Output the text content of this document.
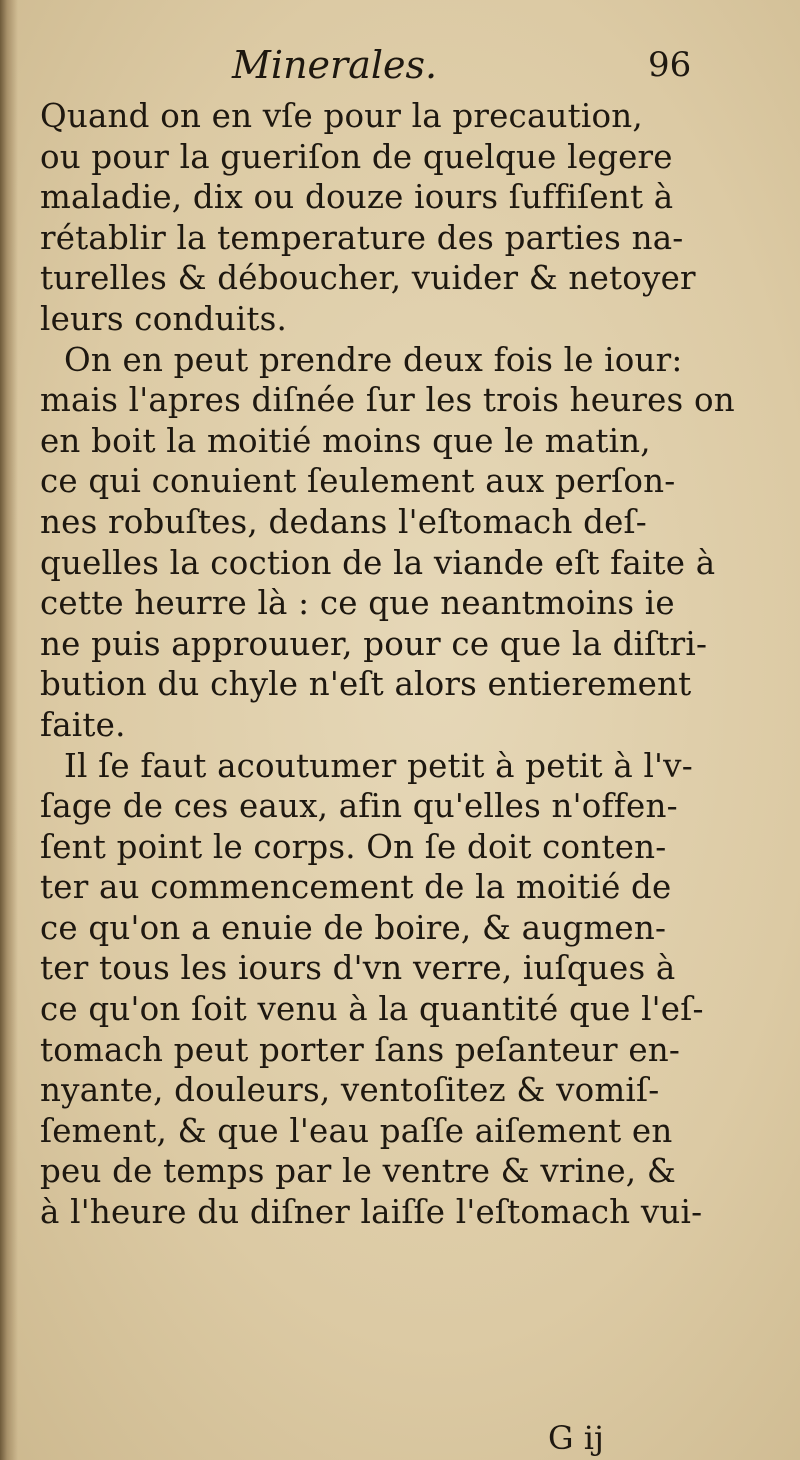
Minerales.	96
Quand on en vſe pour la precaution,
ou pour la gueriſon de quelque legere
maladie, dix ou douze iours ſuffiſent à
rétablir la temperature des parties na-
turelles & déboucher, vuider & netoyer
leurs conduits.
On en peut prendre deux fois le iour:
mais l'apres diſnée ſur les trois heures on
en boit la moitié moins que le matin,
ce qui conuient ſeulement aux perſon-
nes robuſtes, dedans l'eſtomach deſ-
quelles la coction de la viande eſt faite à
cette heurre là : ce que neantmoins ie
ne puis approuuer, pour ce que la diſtri-
bution du chyle n'eſt alors entierement
faite.
Il ſe faut acoutumer petit à petit à l'v-
ſage de ces eaux, afin qu'elles n'offen-
ſent point le corps. On ſe doit conten-
ter au commencement de la moitié de
ce qu'on a enuie de boire, & augmen-
ter tous les iours d'vn verre, iuſques à
ce qu'on ſoit venu à la quantité que l'eſ-
tomach peut porter ſans peſanteur en-
nyante, douleurs, ventoſitez & vomiſ-
ſement, & que l'eau paſſe aiſement en
peu de temps par le ventre & vrine, &
à l'heure du diſner laiſſe l'eſtomach vui-
G ij
